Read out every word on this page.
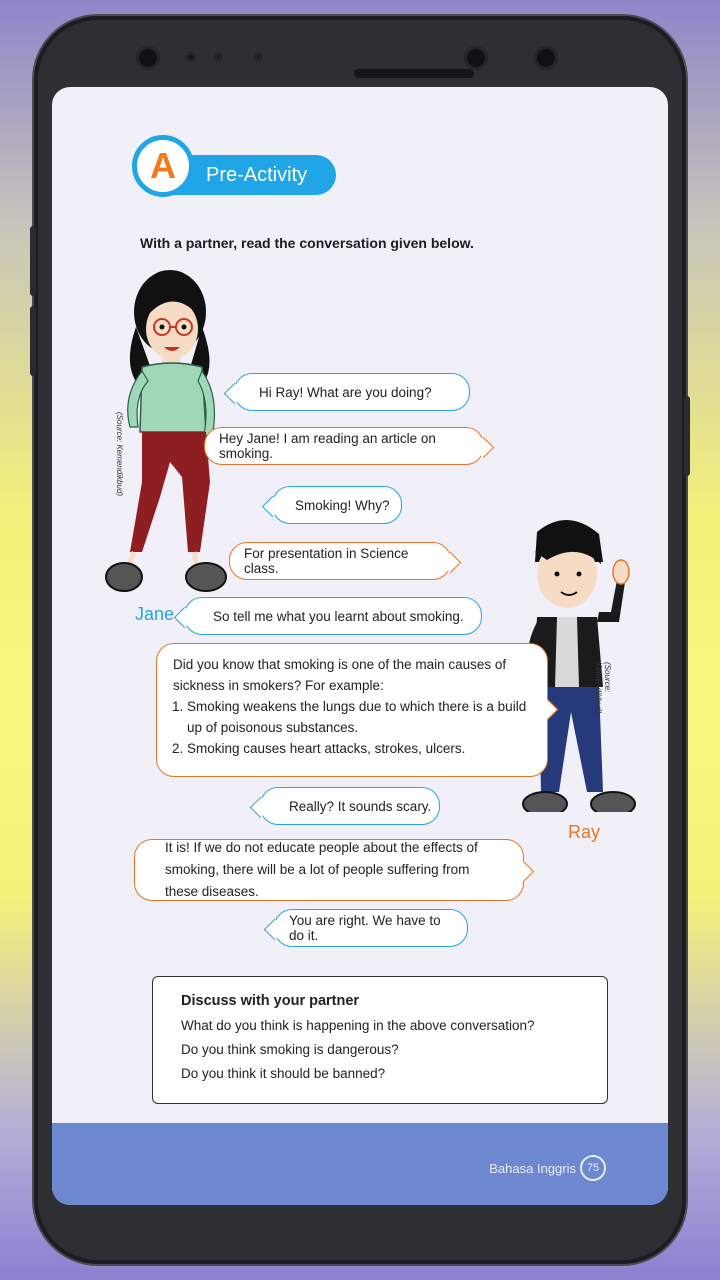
Pre-Activity
A
With a partner, read the conversation given below.
(Source: Kemendikbud)
Jane
(Source: Kemendikbud)
Ray
Hi Ray! What are you doing?
Hey Jane! I am reading an article on smoking.
Smoking! Why?
For presentation in Science class.
So tell me what you learnt about smoking.
Did you know that smoking is one of the main causes of sickness in smokers? For example:
1. Smoking weakens the lungs due to which there is a build up of poisonous substances.
2. Smoking causes heart attacks, strokes, ulcers.
Really? It sounds scary.
It is! If we do not educate people about the effects of smoking, there will be a lot of people suffering from these diseases.
You are right. We have to do it.
Discuss with your partner
What do you think is happening in the above conversation?
Do you think smoking is dangerous?
Do you think it should be banned?
Bahasa Inggris 75
